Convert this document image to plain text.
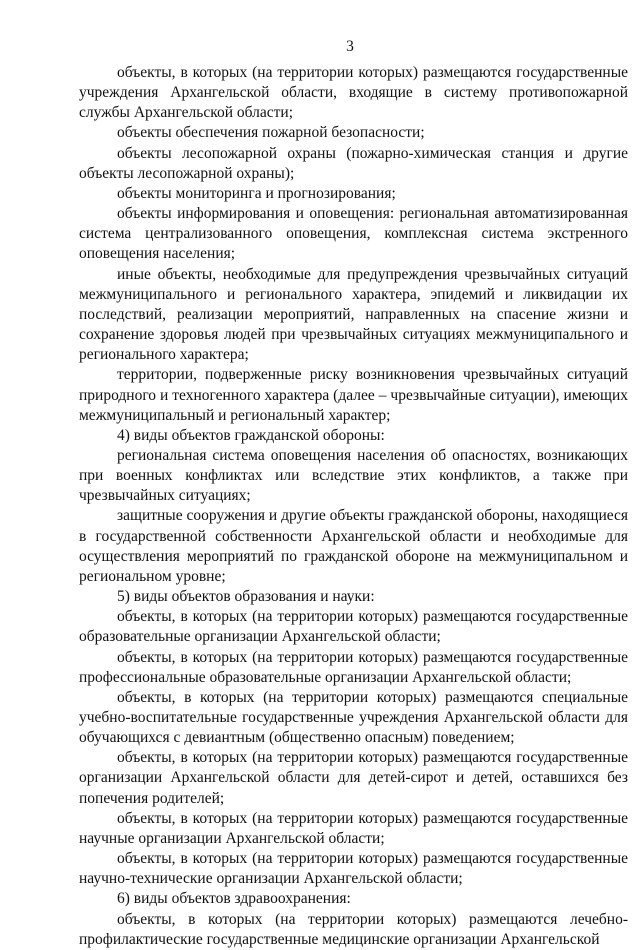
3

объекты, в которых (на территории которых) размещаются государственные учреждения Архангельской области, входящие в систему противопожарной службы Архангельской области;

объекты обеспечения пожарной безопасности;

объекты лесопожарной охраны (пожарно-химическая станция и другие объекты лесопожарной охраны);

объекты мониторинга и прогнозирования;

объекты информирования и оповещения: региональная автоматизированная система централизованного оповещения, комплексная система экстренного оповещения населения;

иные объекты, необходимые для предупреждения чрезвычайных ситуаций межмуниципального и регионального характера, эпидемий и ликвидации их последствий, реализации мероприятий, направленных на спасение жизни и сохранение здоровья людей при чрезвычайных ситуациях межмуниципального и регионального характера;

территории, подверженные риску возникновения чрезвычайных ситуаций природного и техногенного характера (далее – чрезвычайные ситуации), имеющих межмуниципальный и региональный характер;

4) виды объектов гражданской обороны:

региональная система оповещения населения об опасностях, возникающих при военных конфликтах или вследствие этих конфликтов, а также при чрезвычайных ситуациях;

защитные сооружения и другие объекты гражданской обороны, находящиеся в государственной собственности Архангельской области и необходимые для осуществления мероприятий по гражданской обороне на межмуниципальном и региональном уровне;

5) виды объектов образования и науки:

объекты, в которых (на территории которых) размещаются государственные образовательные организации Архангельской области;

объекты, в которых (на территории которых) размещаются государственные профессиональные образовательные организации Архангельской области;

объекты, в которых (на территории которых) размещаются специальные учебно-воспитательные государственные учреждения Архангельской области для обучающихся с девиантным (общественно опасным) поведением;

объекты, в которых (на территории которых) размещаются государственные организации Архангельской области для детей-сирот и детей, оставшихся без попечения родителей;

объекты, в которых (на территории которых) размещаются государственные научные организации Архангельской области;

объекты, в которых (на территории которых) размещаются государственные научно-технические организации Архангельской области;

6) виды объектов здравоохранения:

объекты, в которых (на территории которых) размещаются лечебно-профилактические государственные медицинские организации Архангельской
